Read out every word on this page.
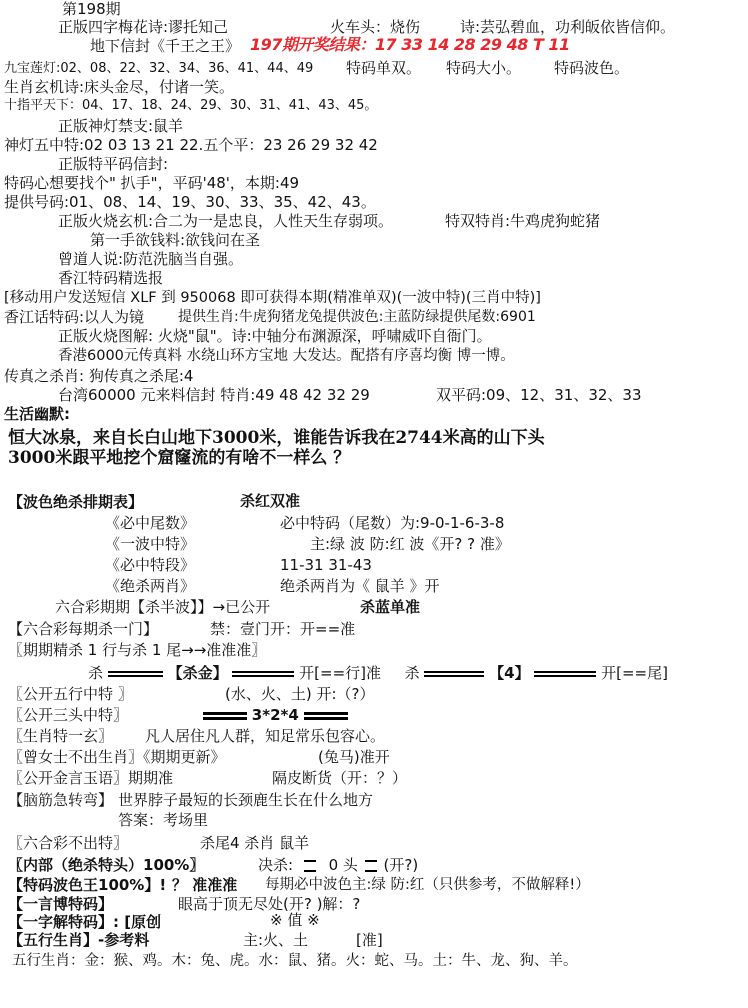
第198期
正版四字梅花诗:谬托知己	火车头：烧伤	诗:芸弘碧血，功利皈依皆信仰。
地下信封《千王之王》 197期开奖结果：17 33 14 28 29 48 T 11
九宝莲灯:02、08、22、32、34、36、41、44、49 特码单双。 特码大小。 特码波色。
生肖玄机诗:床头金尽，付诸一笑。
十指平天下：04、17、18、24、29、30、31、41、43、45。
正版神灯禁支:鼠羊
神灯五中特:02 03 13 21 22.五个平：23 26 29 32 42
正版特平码信封:
特码心想要找个" 扒手"，平码'48'，本期:49
提供号码:01、08、14、19、30、33、35、42、43。
正版火烧玄机:合二为一是忠良，人性天生存弱项。	特双特肖:牛鸡虎狗蛇猪
第一手欲钱料:欲钱问在圣
曾道人说:防范洗脑当自强。
香江特码精选报
[移动用户发送短信 XLF 到 950068 即可获得本期(精准单双)(一波中特)(三肖中特)]
香江话特码:以人为镜 提供生肖:牛虎狗猪龙兔提供波色:主蓝防绿提供尾数:6901
正版火烧图解: 火烧"鼠"。诗:中轴分布渊源深，呼啸威吓自衙门。
香港6000元传真料 水绕山环方宝地 大发达。配搭有序喜均衡 博一博。
传真之杀肖: 狗传真之杀尾:4
台湾60000 元来料信封 特肖:49 48 42 32 29	双平码:09、12、31、32、33
生活幽默:
恒大冰泉，来自长白山地下3000米，谁能告诉我在2744米高的山下头
3000米跟平地挖个窟窿流的有啥不一样么 ？
【波色绝杀排期表】	杀红双准
《必中尾数》	必中特码（尾数）为:9-0-1-6-3-8
《一波中特》	主:绿 波 防:红 波《开? ? 准》
《必中特段》	11-31 31-43
《绝杀两肖》	绝杀两肖为《 鼠羊 》开
六合彩期期【杀半波】】→已公开	杀蓝单准
【六合彩每期杀一门】	禁：壹门开：开==准
〖期期精杀 1 行与杀 1 尾→→准准准〗
杀	【杀金】	开[==行]准 杀	【4】	开[==尾]
〖公开五行中特 〗	(水、火、土) 开:（?）
〖公开三头中特〗	3*2*4
〖生肖特一玄〗 凡人居住凡人群，知足常乐包容心。
〖曾女士不出生肖〗《期期更新》	(兔马)准开
〖公开金言玉语〗期期准	隔皮断货（开：？）
【脑筋急转弯】 世界脖子最短的长颈鹿生长在什么地方
答案：考场里
〖六合彩不出特〗	杀尾4 杀肖 鼠羊
〖内部（绝杀特头）100%〗	决杀: 0 头 (开?)
【特码波色王100%】! ？ 准准准 每期必中波色主:绿 防:红（只供参考，不做解释!）
【一言博特码】	眼高于顶无尽处(开? )解：?
【一字解特码】: [原创	※ 值 ※
【五行生肖】-参考料	主:火、土	[准]
五行生肖：金：猴、鸡。木：兔、虎。水：鼠、猪。火：蛇、马。土：牛、龙、狗、羊。
